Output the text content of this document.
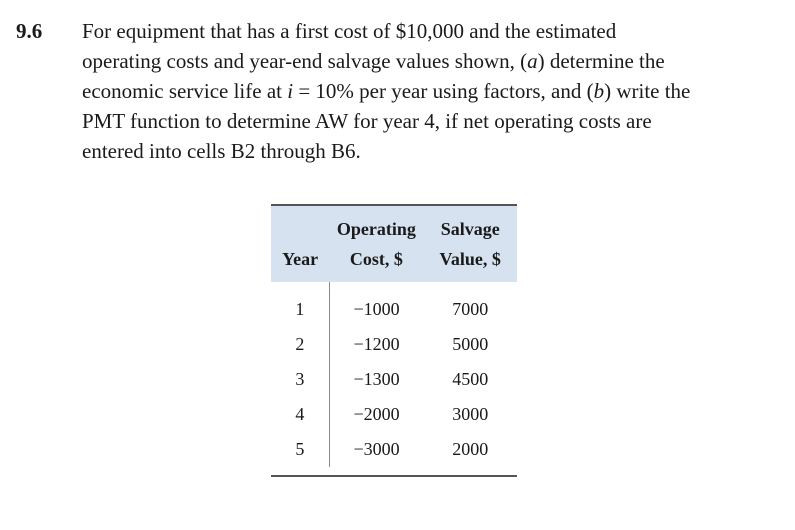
9.6 For equipment that has a first cost of $10,000 and the estimated
operating costs and year-end salvage values shown, (a) determine the
economic service life at i = 10% per year using factors, and (b) write the
PMT function to determine AW for year 4, if net operating costs are
entered into cells B2 through B6.

	Operating	Salvage
Year	Cost, $	Value, $
1	−1000	7000
2	−1200	5000
3	−1300	4500
4	−2000	3000
5	−3000	2000
